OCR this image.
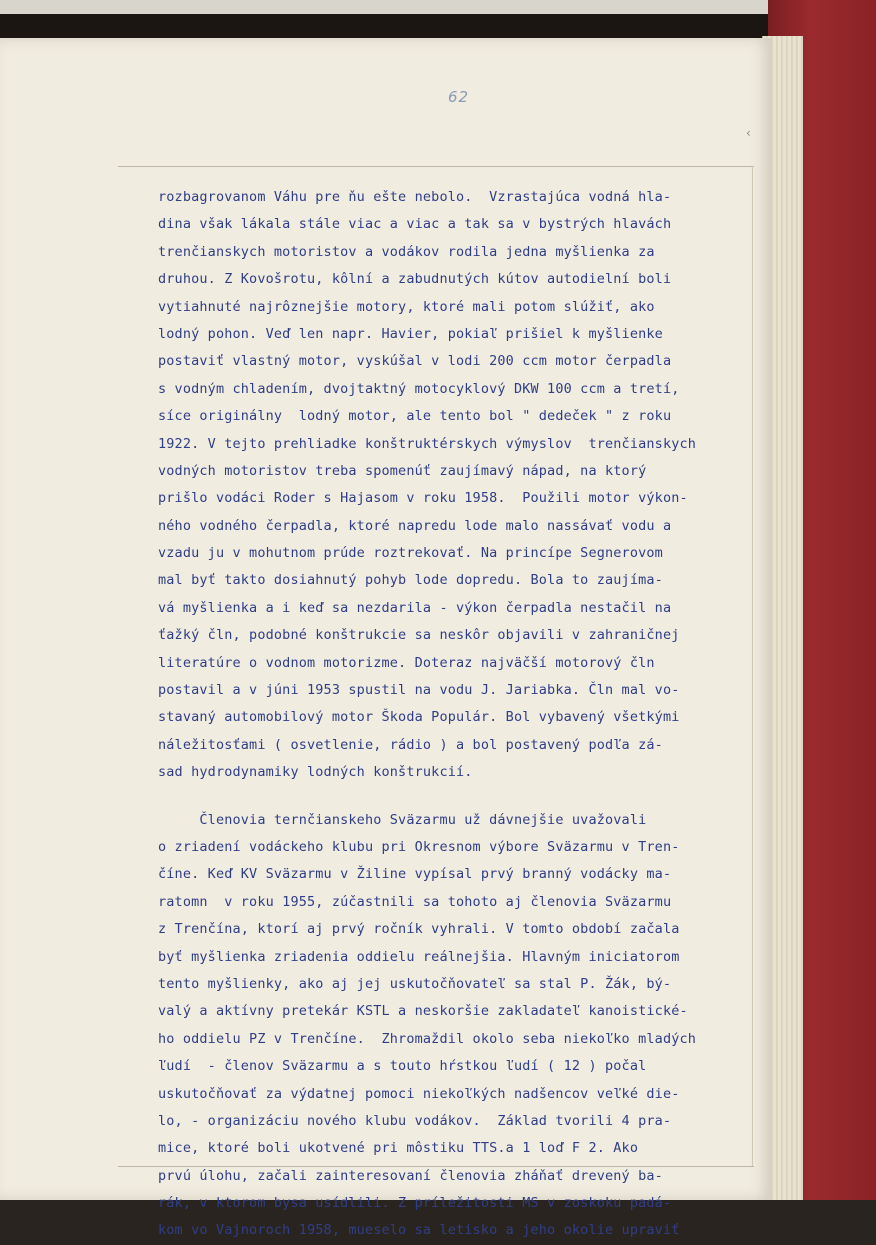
62
‹
rozbagrovanom Váhu pre ňu ešte nebolo.  Vzrastajúca vodná hla-
dina však lákala stále viac a viac a tak sa v bystrých hlavách
trenčianskych motoristov a vodákov rodila jedna myšlienka za
druhou. Z Kovošrotu, kôlní a zabudnutých kútov autodielní boli
vytiahnuté najrôznejšie motory, ktoré mali potom slúžiť, ako
lodný pohon. Veď len napr. Havier, pokiaľ prišiel k myšlienke
postaviť vlastný motor, vyskúšal v lodi 200 ccm motor čerpadla
s vodným chladením, dvojtaktný motocyklový DKW 100 ccm a tretí,
síce originálny  lodný motor, ale tento bol " dedeček " z roku
1922. V tejto prehliadke konštruktérskych výmyslov  trenčianskych
vodných motoristov treba spomenúť zaujímavý nápad, na ktorý
prišlo vodáci Roder s Hajasom v roku 1958.  Použili motor výkon-
ného vodného čerpadla, ktoré napredu lode malo nassávať vodu a
vzadu ju v mohutnom prúde roztrekovať. Na princípe Segnerovom
mal byť takto dosiahnutý pohyb lode dopredu. Bola to zaujíma-
vá myšlienka a i keď sa nezdarila - výkon čerpadla nestačil na
ťažký čln, podobné konštrukcie sa neskôr objavili v zahraničnej
literatúre o vodnom motorizme. Doteraz najväčší motorový čln
postavil a v júni 1953 spustil na vodu J. Jariabka. Čln mal vo-
stavaný automobilový motor Škoda Populár. Bol vybavený všetkými
náležitosťami ( osvetlenie, rádio ) a bol postavený podľa zá-
sad hydrodynamiky lodných konštrukcií.
Členovia ternčianskeho Sväzarmu už dávnejšie uvažovali
o zriadení vodáckeho klubu pri Okresnom výbore Sväzarmu v Tren-
číne. Keď KV Sväzarmu v Žiline vypísal prvý branný vodácky ma-
ratomn  v roku 1955, zúčastnili sa tohoto aj členovia Sväzarmu
z Trenčína, ktorí aj prvý ročník vyhrali. V tomto období začala
byť myšlienka zriadenia oddielu reálnejšia. Hlavným iniciatorom
tento myšlienky, ako aj jej uskutočňovateľ sa stal P. Žák, bý-
valý a aktívny pretekár KSTL a neskoršie zakladateľ kanoistické-
ho oddielu PZ v Trenčíne.  Zhromaždil okolo seba niekoľko mladých
ľudí  - členov Sväzarmu a s touto hŕstkou ľudí ( 12 ) počal
uskutočňovať za výdatnej pomoci niekoľkých nadšencov veľké die-
lo, - organizáciu nového klubu vodákov.  Základ tvorili 4 pra-
mice, ktoré boli ukotvené pri môstiku TTS.a 1 loď F 2. Ako
prvú úlohu, začali zainteresovaní členovia zháňať drevený ba-
rák, v ktorom bysa usídlili. Z príležitosti MS v zoskoku padá-
kom vo Vajnoroch 1958, mueselo sa letisko a jeho okolie upraviť
